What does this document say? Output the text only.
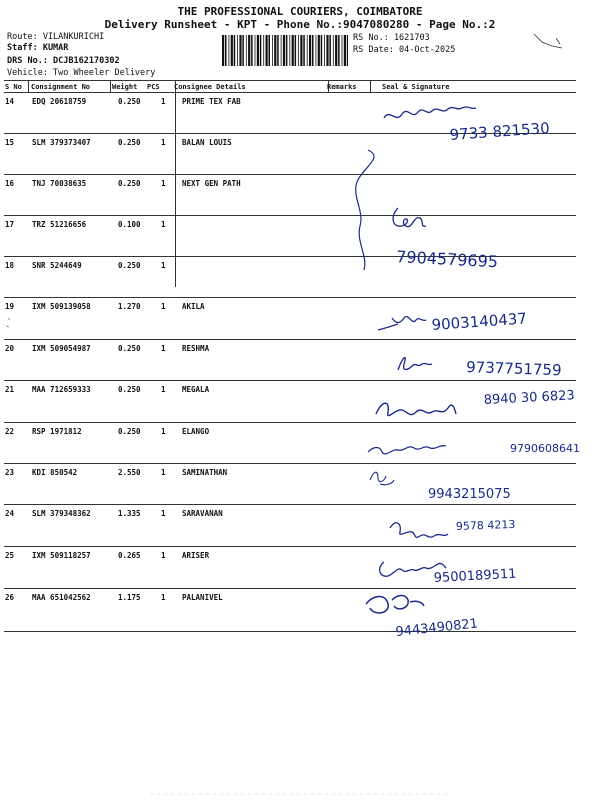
THE PROFESSIONAL COURIERS, COIMBATORE
Delivery Runsheet - KPT - Phone No.:9047080280 - Page No.:2
Route: VILANKURICHI
Staff: KUMAR
DRS No.: DCJB162170302
Vehicle: Two Wheeler Delivery
RS No.: 1621703
RS Date: 04-Oct-2025
S No Consignment No	Weight PCS Consignee Details	Remarks	Seal & Signature
14 EDQ 20618759	0.250	1 PRIME TEX FAB
15 SLM 379373407	0.250	1 BALAN LOUIS
16 TNJ 70038635	0.250	1 NEXT GEN PATH
17 TRZ 51216656	0.100	1
18 SNR 5244649	0.250	1
19 IXM 509139058	1.270	1 AKILA
20 IXM 509054987	0.250	1 RESHMA
21 MAA 712659333	0.250	1 MEGALA
22 RSP 1971812	0.250	1 ELANGO
23 KDI 850542	2.550	1 SAMINATHAN
24 SLM 379348362	1.335	1 SARAVANAN
25 IXM 509118257	0.265	1 ARISER
26 MAA 651042562	1.175	1 PALANIVEL
9733 821530
7904579695
9003140437
9737751759
8940 30 6823
9790608641
9943215075
9578 4213
9500189511
9443490821
